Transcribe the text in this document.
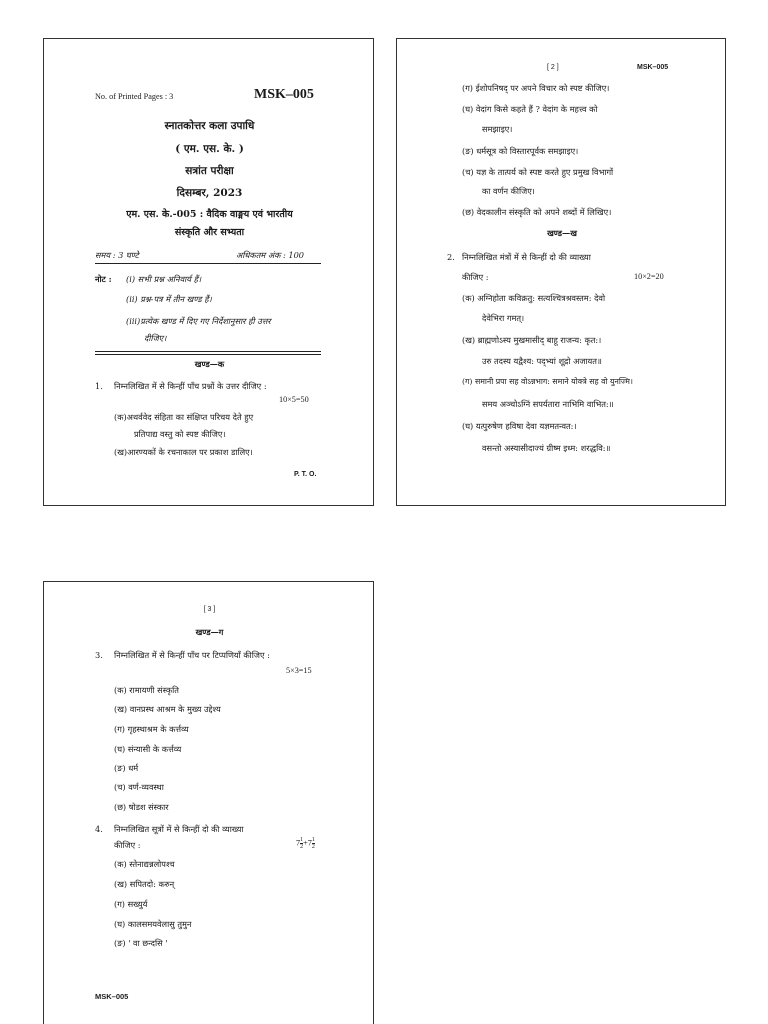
No. of Printed Pages : 3	MSK–005
स्नातकोत्तर कला उपाधि
( एम. एस. के. )
सत्रांत परीक्षा
दिसम्बर, 2023
एम. एस. के.-005 : वैदिक वाङ्मय एवं भारतीय
संस्कृति और सभ्यता
समय : 3 घण्टे	अधिकतम अंक : 100
नोट : (i) सभी प्रश्न अनिवार्य हैं।
(ii) प्रश्न-पत्र में तीन खण्ड हैं।
(iii)प्रत्येक खण्ड में दिए गए निर्देशानुसार ही उत्तर
दीजिए।
खण्ड—क
1. निम्नलिखित में से किन्हीं पाँच प्रश्नों के उत्तर दीजिए :
10×5=50
(क)अथर्ववेद संहिता का संक्षिप्त परिचय देते हुए
प्रतिपाद्य वस्तु को स्पष्ट कीजिए।
(ख)आरण्यकों के रचनाकाल पर प्रकाश डालिए।
P. T. O.
[ 2 ]	MSK–005
(ग) ईशोपनिषद् पर अपने विचार को स्पष्ट कीजिए।
(घ) वेदांग किसे कहते हैं ? वेदांग के महत्त्व को
समझाइए।
(ङ) धर्मसूत्र को विस्तारपूर्वक समझाइए।
(च) यज्ञ के तात्पर्य को स्पष्ट करते हुए प्रमुख विभागों
का वर्णन कीजिए।
(छ) वेदकालीन संस्कृति को अपने शब्दों में लिखिए।
खण्ड—ख
2. निम्नलिखित मंत्रों में से किन्हीं दो की व्याख्या
कीजिए :	10×2=20
(क) अग्निहोता कविक्रतु: सत्यश्चित्रश्रवस्तम: देवो
देवेभिरा गमत्।
(ख) ब्राह्मणोऽस्य मुखमासीद् बाहू राजन्य: कृत:।
उरु तदस्य यद्वैश्य: पद्भ्यां शूद्रो अजायत॥
(ग) समानी प्रपा सह वोऽन्नभाग: समाने योक्त्रे सह वो युनज्मि।
समय अञ्चोऽग्निं सपर्यतारा नाभिमि वाभित:॥
(घ) यत्पुरुषेण हविषा देवा यज्ञमतन्वत:।
वसन्तो अस्यासीदाज्यं ग्रीष्म इध्म: शरद्धवि:॥
[ 3 ]
खण्ड—ग
3. निम्नलिखित में से किन्हीं पाँच पर टिप्पणियाँ कीजिए :
5×3=15
(क) रामायणी संस्कृति
(ख) वानप्रस्थ आश्रम के मुख्य उद्देश्य
(ग) गृहस्थाश्रम के कर्त्तव्य
(घ) संन्यासी के कर्त्तव्य
(ङ) धर्म
(च) वर्ण-व्यवस्था
(छ) षोडश संस्कार
4. निम्नलिखित सूत्रों में से किन्हीं दो की व्याख्या
कीजिए :	$7 \frac{1}{2} +7 \frac{1}{2}$
(क) स्तेनाद्यन्नलोपश्च
(ख) सपितदो: करुन्
(ग) सख्युर्य
(घ) कालसमयवेलासु तुमुन
(ङ) ' वा छन्दसि '
MSK–005
